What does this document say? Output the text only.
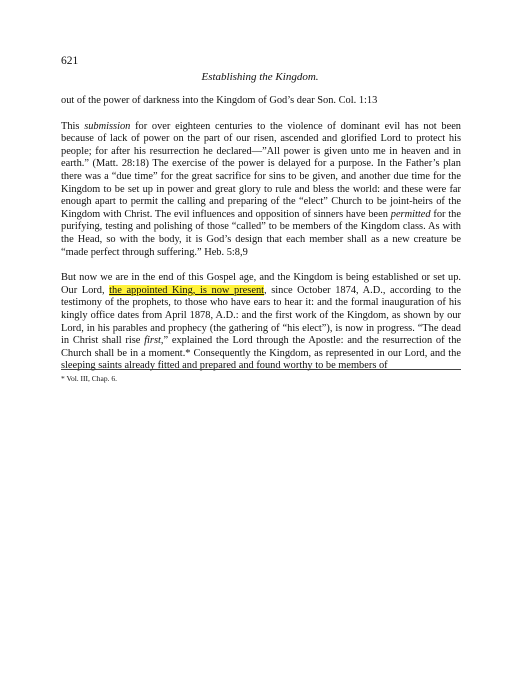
621
Establishing the Kingdom.

out of the power of darkness into the Kingdom of God’s dear Son. Col. 1:13

This submission for over eighteen centuries to the violence of dominant evil has not been because of lack of power on the part of our risen, ascended and glorified Lord to protect his people; for after his resurrection he declared—”All power is given unto me in heaven and in earth.” (Matt. 28:18) The exercise of the power is delayed for a purpose. In the Father’s plan there was a “due time” for the great sacrifice for sins to be given, and another due time for the Kingdom to be set up in power and great glory to rule and bless the world: and these were far enough apart to permit the calling and preparing of the “elect” Church to be joint-heirs of the Kingdom with Christ. The evil influences and opposition of sinners have been permitted for the purifying, testing and polishing of those “called” to be members of the Kingdom class. As with the Head, so with the body, it is God’s design that each member shall as a new creature be “made perfect through suffering.” Heb. 5:8,9

But now we are in the end of this Gospel age, and the Kingdom is being established or set up. Our Lord, the appointed King, is now present, since October 1874, A.D., according to the testimony of the prophets, to those who have ears to hear it: and the formal inauguration of his kingly office dates from April 1878, A.D.: and the first work of the Kingdom, as shown by our Lord, in his parables and prophecy (the gathering of “his elect”), is now in progress. “The dead in Christ shall rise first,” explained the Lord through the Apostle: and the resurrection of the Church shall be in a moment.* Consequently the Kingdom, as represented in our Lord, and the sleeping saints already fitted and prepared and found worthy to be members of

* Vol. III, Chap. 6.
